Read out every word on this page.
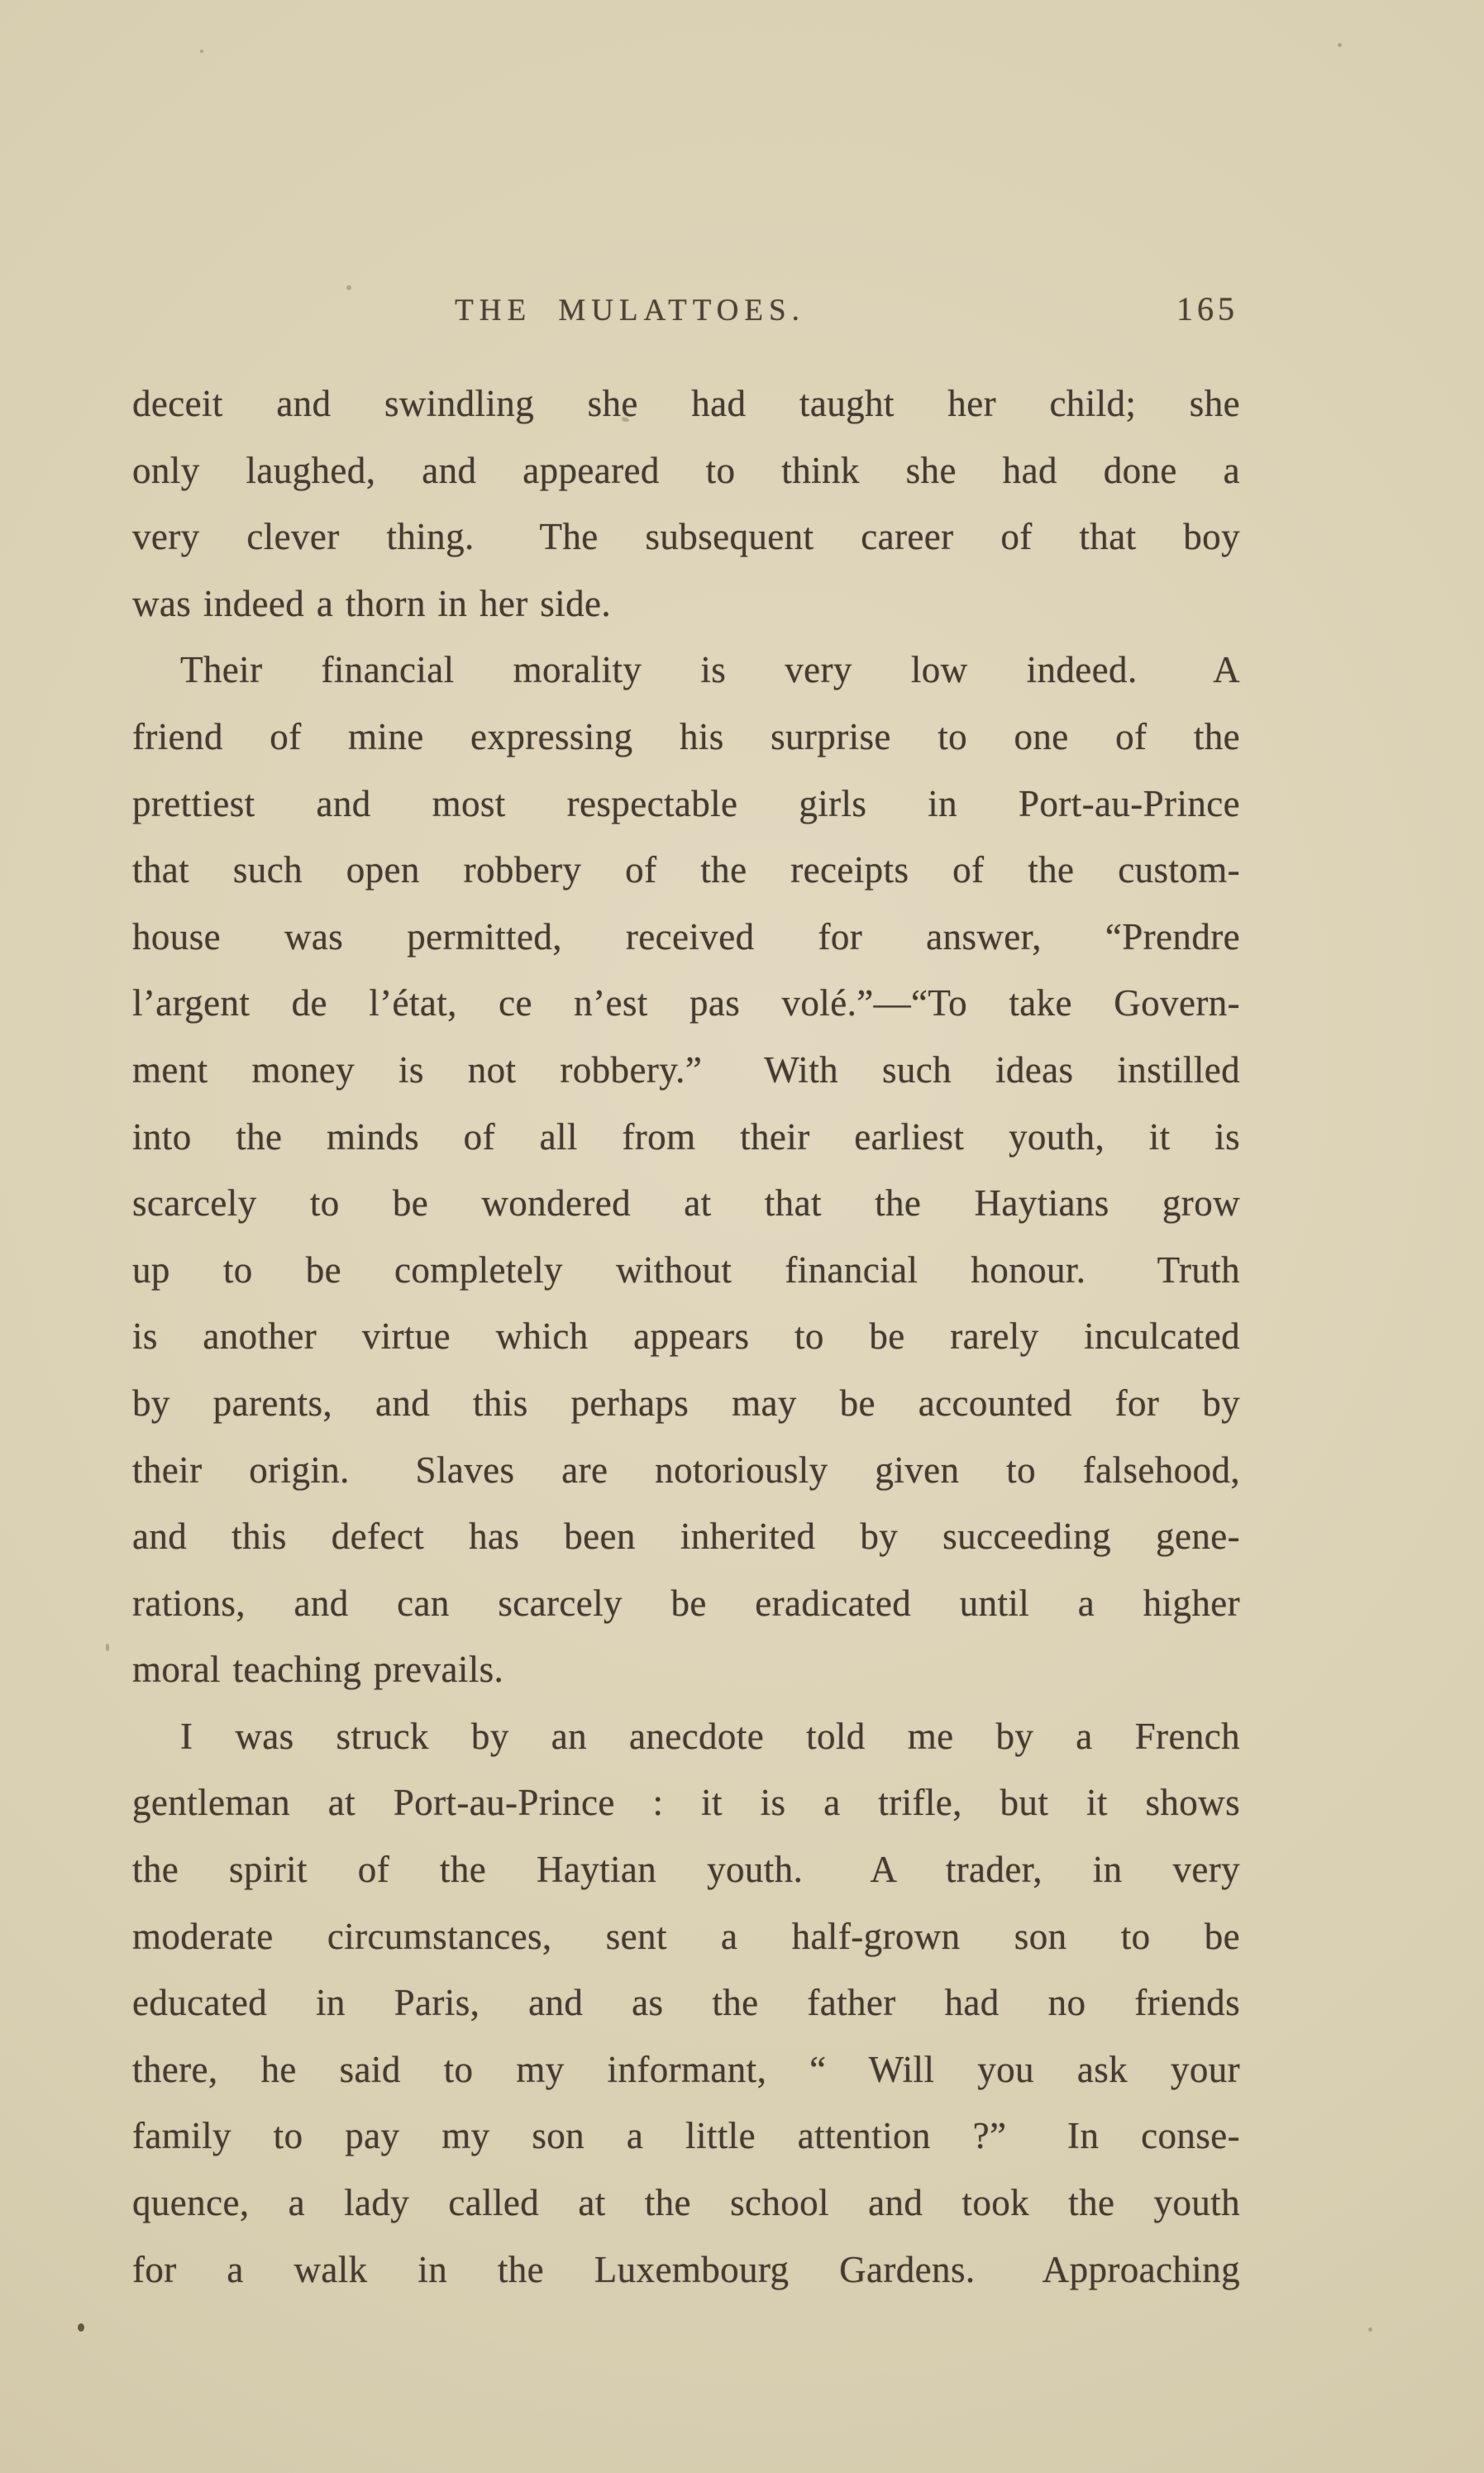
THE MULATTOES.	165
deceit and swindling she had taught her child; she
only laughed, and appeared to think she had done a
very clever thing.  The subsequent career of that boy
was indeed a thorn in her side.
Their financial morality is very low indeed.  A
friend of mine expressing his surprise to one of the
prettiest and most respectable girls in Port-au-Prince
that such open robbery of the receipts of the custom-
house was permitted, received for answer, “Prendre
l’argent de l’état, ce n’est pas volé.”—“To take Govern-
ment money is not robbery.”  With such ideas instilled
into the minds of all from their earliest youth, it is
scarcely to be wondered at that the Haytians grow
up to be completely without financial honour.  Truth
is another virtue which appears to be rarely inculcated
by parents, and this perhaps may be accounted for by
their origin.  Slaves are notoriously given to falsehood,
and this defect has been inherited by succeeding gene-
rations, and can scarcely be eradicated until a higher
moral teaching prevails.
I was struck by an anecdote told me by a French
gentleman at Port-au-Prince : it is a trifle, but it shows
the spirit of the Haytian youth.  A trader, in very
moderate circumstances, sent a half-grown son to be
educated in Paris, and as the father had no friends
there, he said to my informant, “ Will you ask your
family to pay my son a little attention ?”  In conse-
quence, a lady called at the school and took the youth
for a walk in the Luxembourg Gardens.  Approaching
